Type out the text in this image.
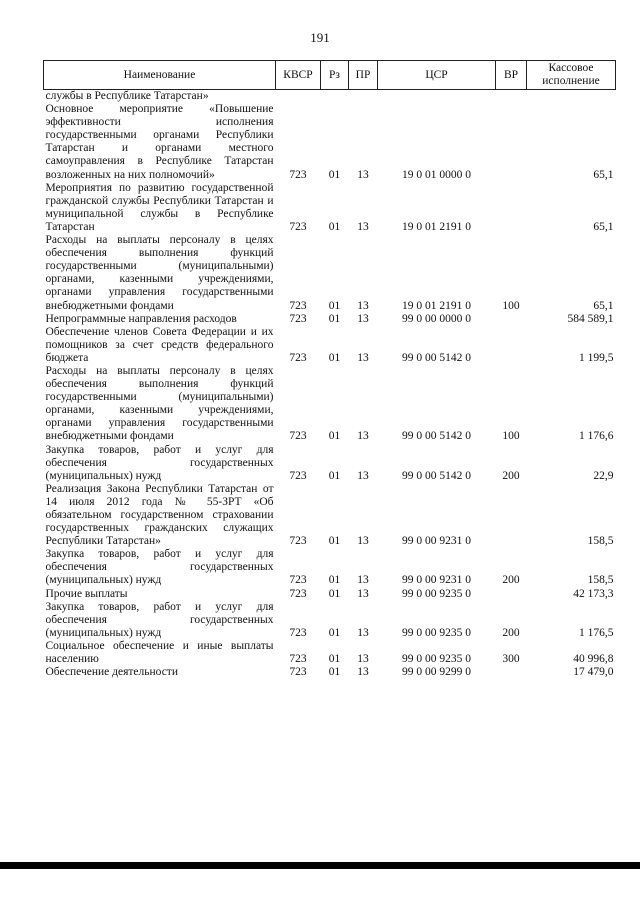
191
Наименование	КВСР	Рз	ПР	ЦСР	ВР	Кассовое исполнение
службы в Республике Татарстан»						
Основное мероприятие «Повышение эффективности исполнения государственными органами Республики Татарстан и органами местного самоуправления в Республике Татарстан возложенных на них полномочий»	723	01	13	19 0 01 0000 0		65,1
Мероприятия по развитию государственной гражданской службы Республики Татарстан и муниципальной службы в Республике Татарстан	723	01	13	19 0 01 2191 0		65,1
Расходы на выплаты персоналу в целях обеспечения выполнения функций государственными (муниципальными) органами, казенными учреждениями, органами управления государственными внебюджетными фондами	723	01	13	19 0 01 2191 0	100	65,1
Непрограммные направления расходов	723	01	13	99 0 00 0000 0		584 589,1
Обеспечение членов Совета Федерации и их помощников за счет средств федерального бюджета	723	01	13	99 0 00 5142 0		1 199,5
Расходы на выплаты персоналу в целях обеспечения выполнения функций государственными (муниципальными) органами, казенными учреждениями, органами управления государственными внебюджетными фондами	723	01	13	99 0 00 5142 0	100	1 176,6
Закупка товаров, работ и услуг для обеспечения государственных (муниципальных) нужд	723	01	13	99 0 00 5142 0	200	22,9
Реализация Закона Республики Татарстан от 14 июля 2012 года № 55-ЗРТ «Об обязательном государственном страховании государственных гражданских служащих Республики Татарстан»	723	01	13	99 0 00 9231 0		158,5
Закупка товаров, работ и услуг для обеспечения государственных (муниципальных) нужд	723	01	13	99 0 00 9231 0	200	158,5
Прочие выплаты	723	01	13	99 0 00 9235 0		42 173,3
Закупка товаров, работ и услуг для обеспечения государственных (муниципальных) нужд	723	01	13	99 0 00 9235 0	200	1 176,5
Социальное обеспечение и иные выплаты населению	723	01	13	99 0 00 9235 0	300	40 996,8
Обеспечение деятельности	723	01	13	99 0 00 9299 0		17 479,0
